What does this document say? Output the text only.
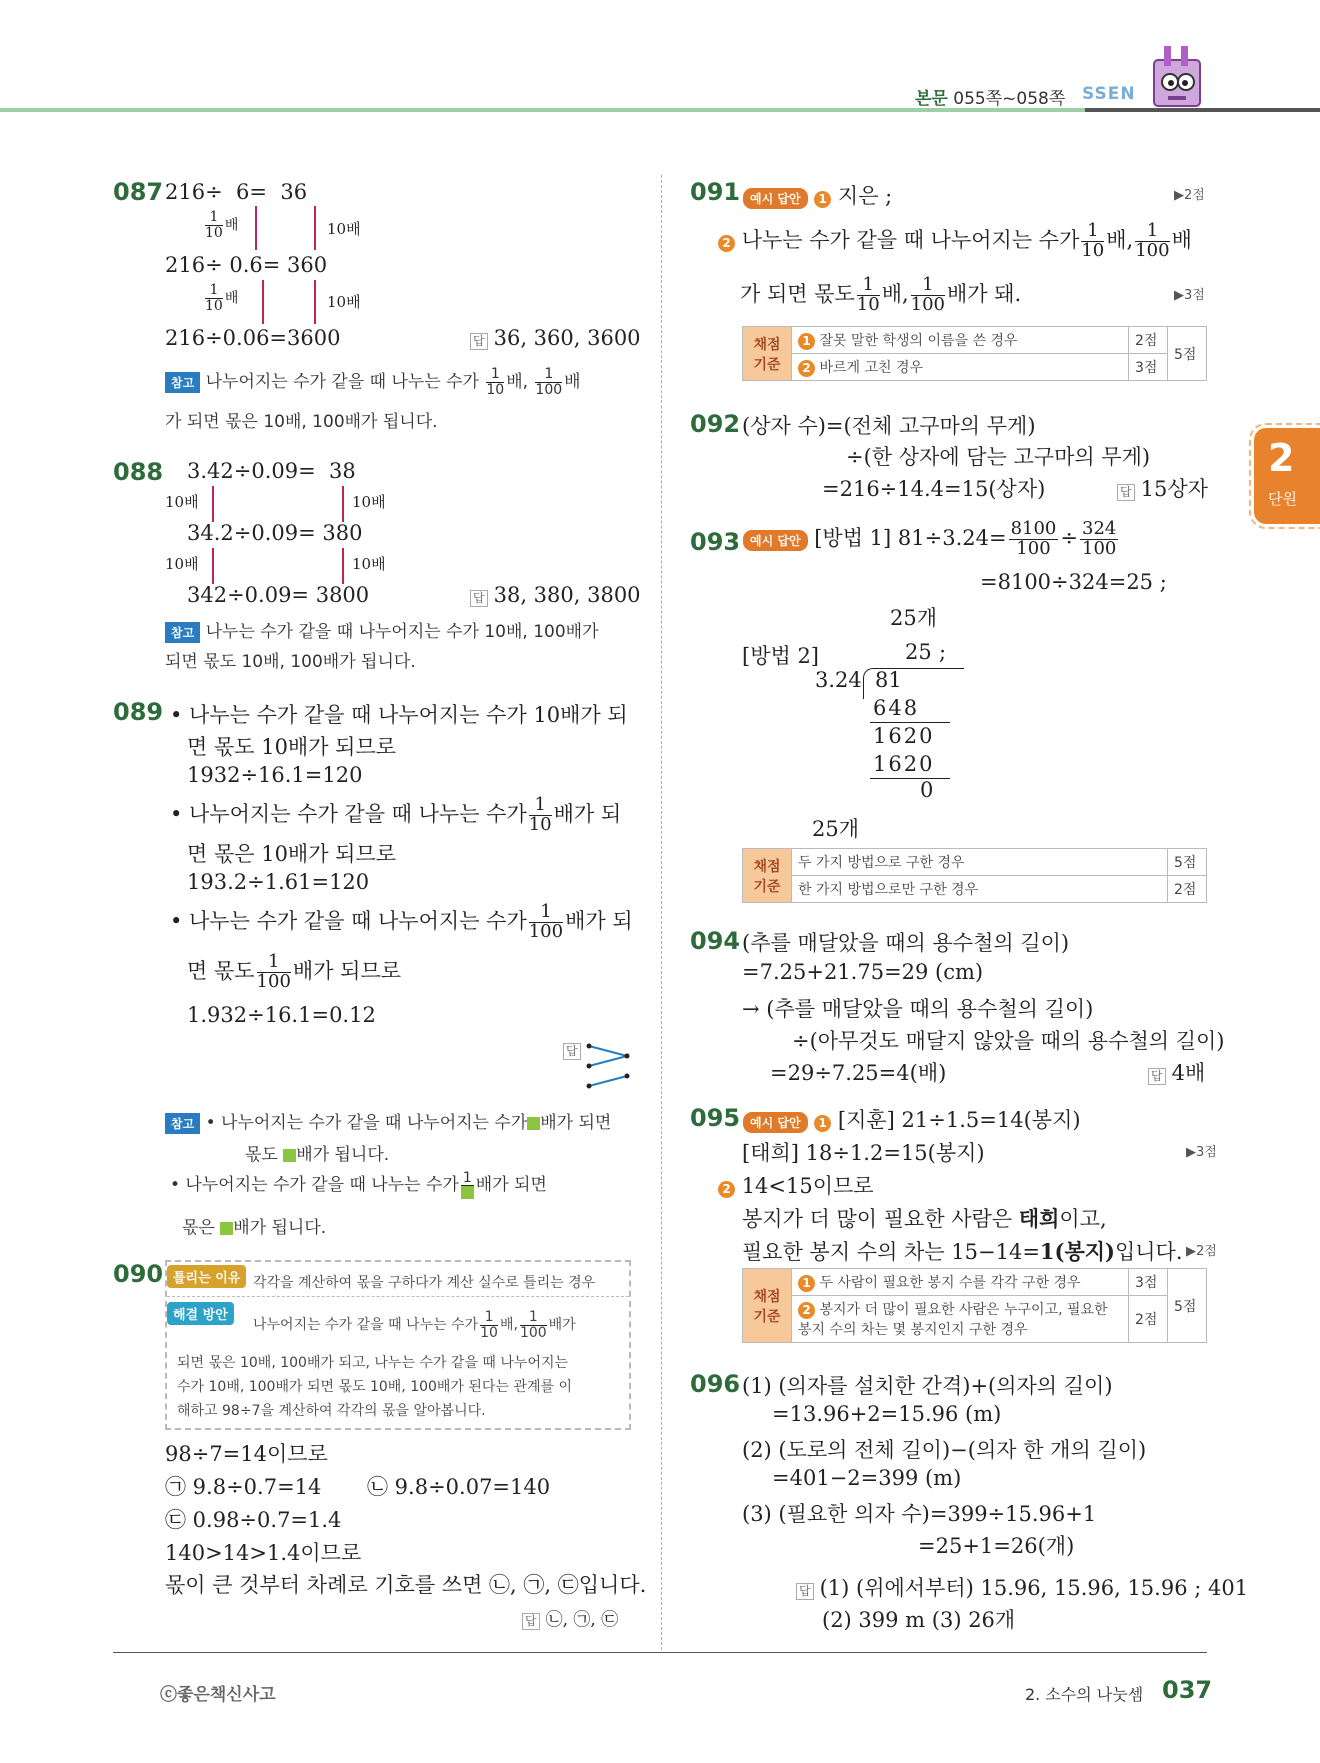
본문 055쪽~058쪽 SSEN
2
단원
087 216÷  6=  36
$\frac{1}{10}$ 배	10배
216÷ 0.6= 360
$\frac{1}{10}$ 배	10배
216÷0.06=3600	답 36, 360, 3600
참고 나누어지는 수가 같을 때 나누는 수가 $\frac{1}{10}$ 배, $\frac{1}{100}$ 배
가 되면 몫은 10배, 100배가 됩니다.
088 3.42÷0.09=  38
10배	10배
34.2÷0.09= 380
10배	10배
342÷0.09= 3800	답 38, 380, 3800
참고 나누는 수가 같을 때 나누어지는 수가 10배, 100배가
되면 몫도 10배, 100배가 됩니다.
089 • 나누는 수가 같을 때 나누어지는 수가 10배가 되
면 몫도 10배가 되므로
1932÷16.1=120
• 나누어지는 수가 같을 때 나누는 수가 $\frac{1}{10}$ 배가 되
면 몫은 10배가 되므로
193.2÷1.61=120
• 나누는 수가 같을 때 나누어지는 수가 $\frac{1}{100}$ 배가 되
면 몫도 $\frac{1}{100}$ 배가 되므로
1.932÷16.1=0.12
답
참고 • 나누어지는 수가 같을 때 나누어지는 수가 배가 되면
몫도 배가 됩니다.
• 나누어지는 수가 같을 때 나누는 수가 1 배가 되면
몫은 배가 됩니다.
090 틀리는 이유 각각을 계산하여 몫을 구하다가 계산 실수로 틀리는 경우
해결 방안
나누어지는 수가 같을 때 나누는 수가 $\frac{1}{10}$ 배, $\frac{1}{100}$ 배가
되면 몫은 10배, 100배가 되고, 나누는 수가 같을 때 나누어지는
수가 10배, 100배가 되면 몫도 10배, 100배가 된다는 관계를 이
해하고 98÷7을 계산하여 각각의 몫을 알아봅니다.
98÷7=14이므로
㉠ 9.8÷0.7=14 ㉡ 9.8÷0.07=140
㉢ 0.98÷0.7=1.4
140>14>1.4이므로
몫이 큰 것부터 차례로 기호를 쓰면 ㉡, ㉠, ㉢입니다.
답 ㉡, ㉠, ㉢
091 예시 답안 1 지은 ;	▶2점
2 나누는 수가 같을 때 나누어지는 수가 $\frac{1}{10}$ 배, $\frac{1}{100}$ 배
가 되면 몫도 $\frac{1}{10}$ 배, $\frac{1}{100}$ 배가 돼.	▶3점
채점
기준	1 잘못 말한 학생의 이름을 쓴 경우	2점	5점
	2 바르게 고친 경우	3점	
092 (상자 수)=(전체 고구마의 무게)
÷(한 상자에 담는 고구마의 무게)
=216÷14.4=15(상자)	답 15상자
093 예시 답안 [방법 1] $81\div 3.24= \frac{8100}{100} \div \frac{324}{100}$
=8100÷324=25 ;
25개
[방법 2]	25 ;
3.24 81
648
1620
1620
0
25개
채점
기준	두 가지 방법으로 구한 경우	5점
	한 가지 방법으로만 구한 경우	2점
094 (추를 매달았을 때의 용수철의 길이)
=7.25+21.75=29 (cm)
→ (추를 매달았을 때의 용수철의 길이)
÷(아무것도 매달지 않았을 때의 용수철의 길이)
=29÷7.25=4(배)	답 4배
095 예시 답안 1 [지훈] 21÷1.5=14(봉지)
[태희] 18÷1.2=15(봉지)	▶3점
2 14<15이므로
봉지가 더 많이 필요한 사람은 태희이고,
필요한 봉지 수의 차는 15−14=1(봉지)입니다. ▶2점
채점
기준	1 두 사람이 필요한 봉지 수를 각각 구한 경우	3점	5점
	2 봉지가 더 많이 필요한 사람은 누구이고, 필요한
봉지 수의 차는 몇 봉지인지 구한 경우	2점	
096 (1) (의자를 설치한 간격)+(의자의 길이)
=13.96+2=15.96 (m)
(2) (도로의 전체 길이)−(의자 한 개의 길이)
=401−2=399 (m)
(3) (필요한 의자 수)=399÷15.96+1
=25+1=26(개)
답 (1) (위에서부터) 15.96, 15.96, 15.96 ; 401
(2) 399 m (3) 26개
ⓒ좋은책신사고	2. 소수의 나눗셈 037
